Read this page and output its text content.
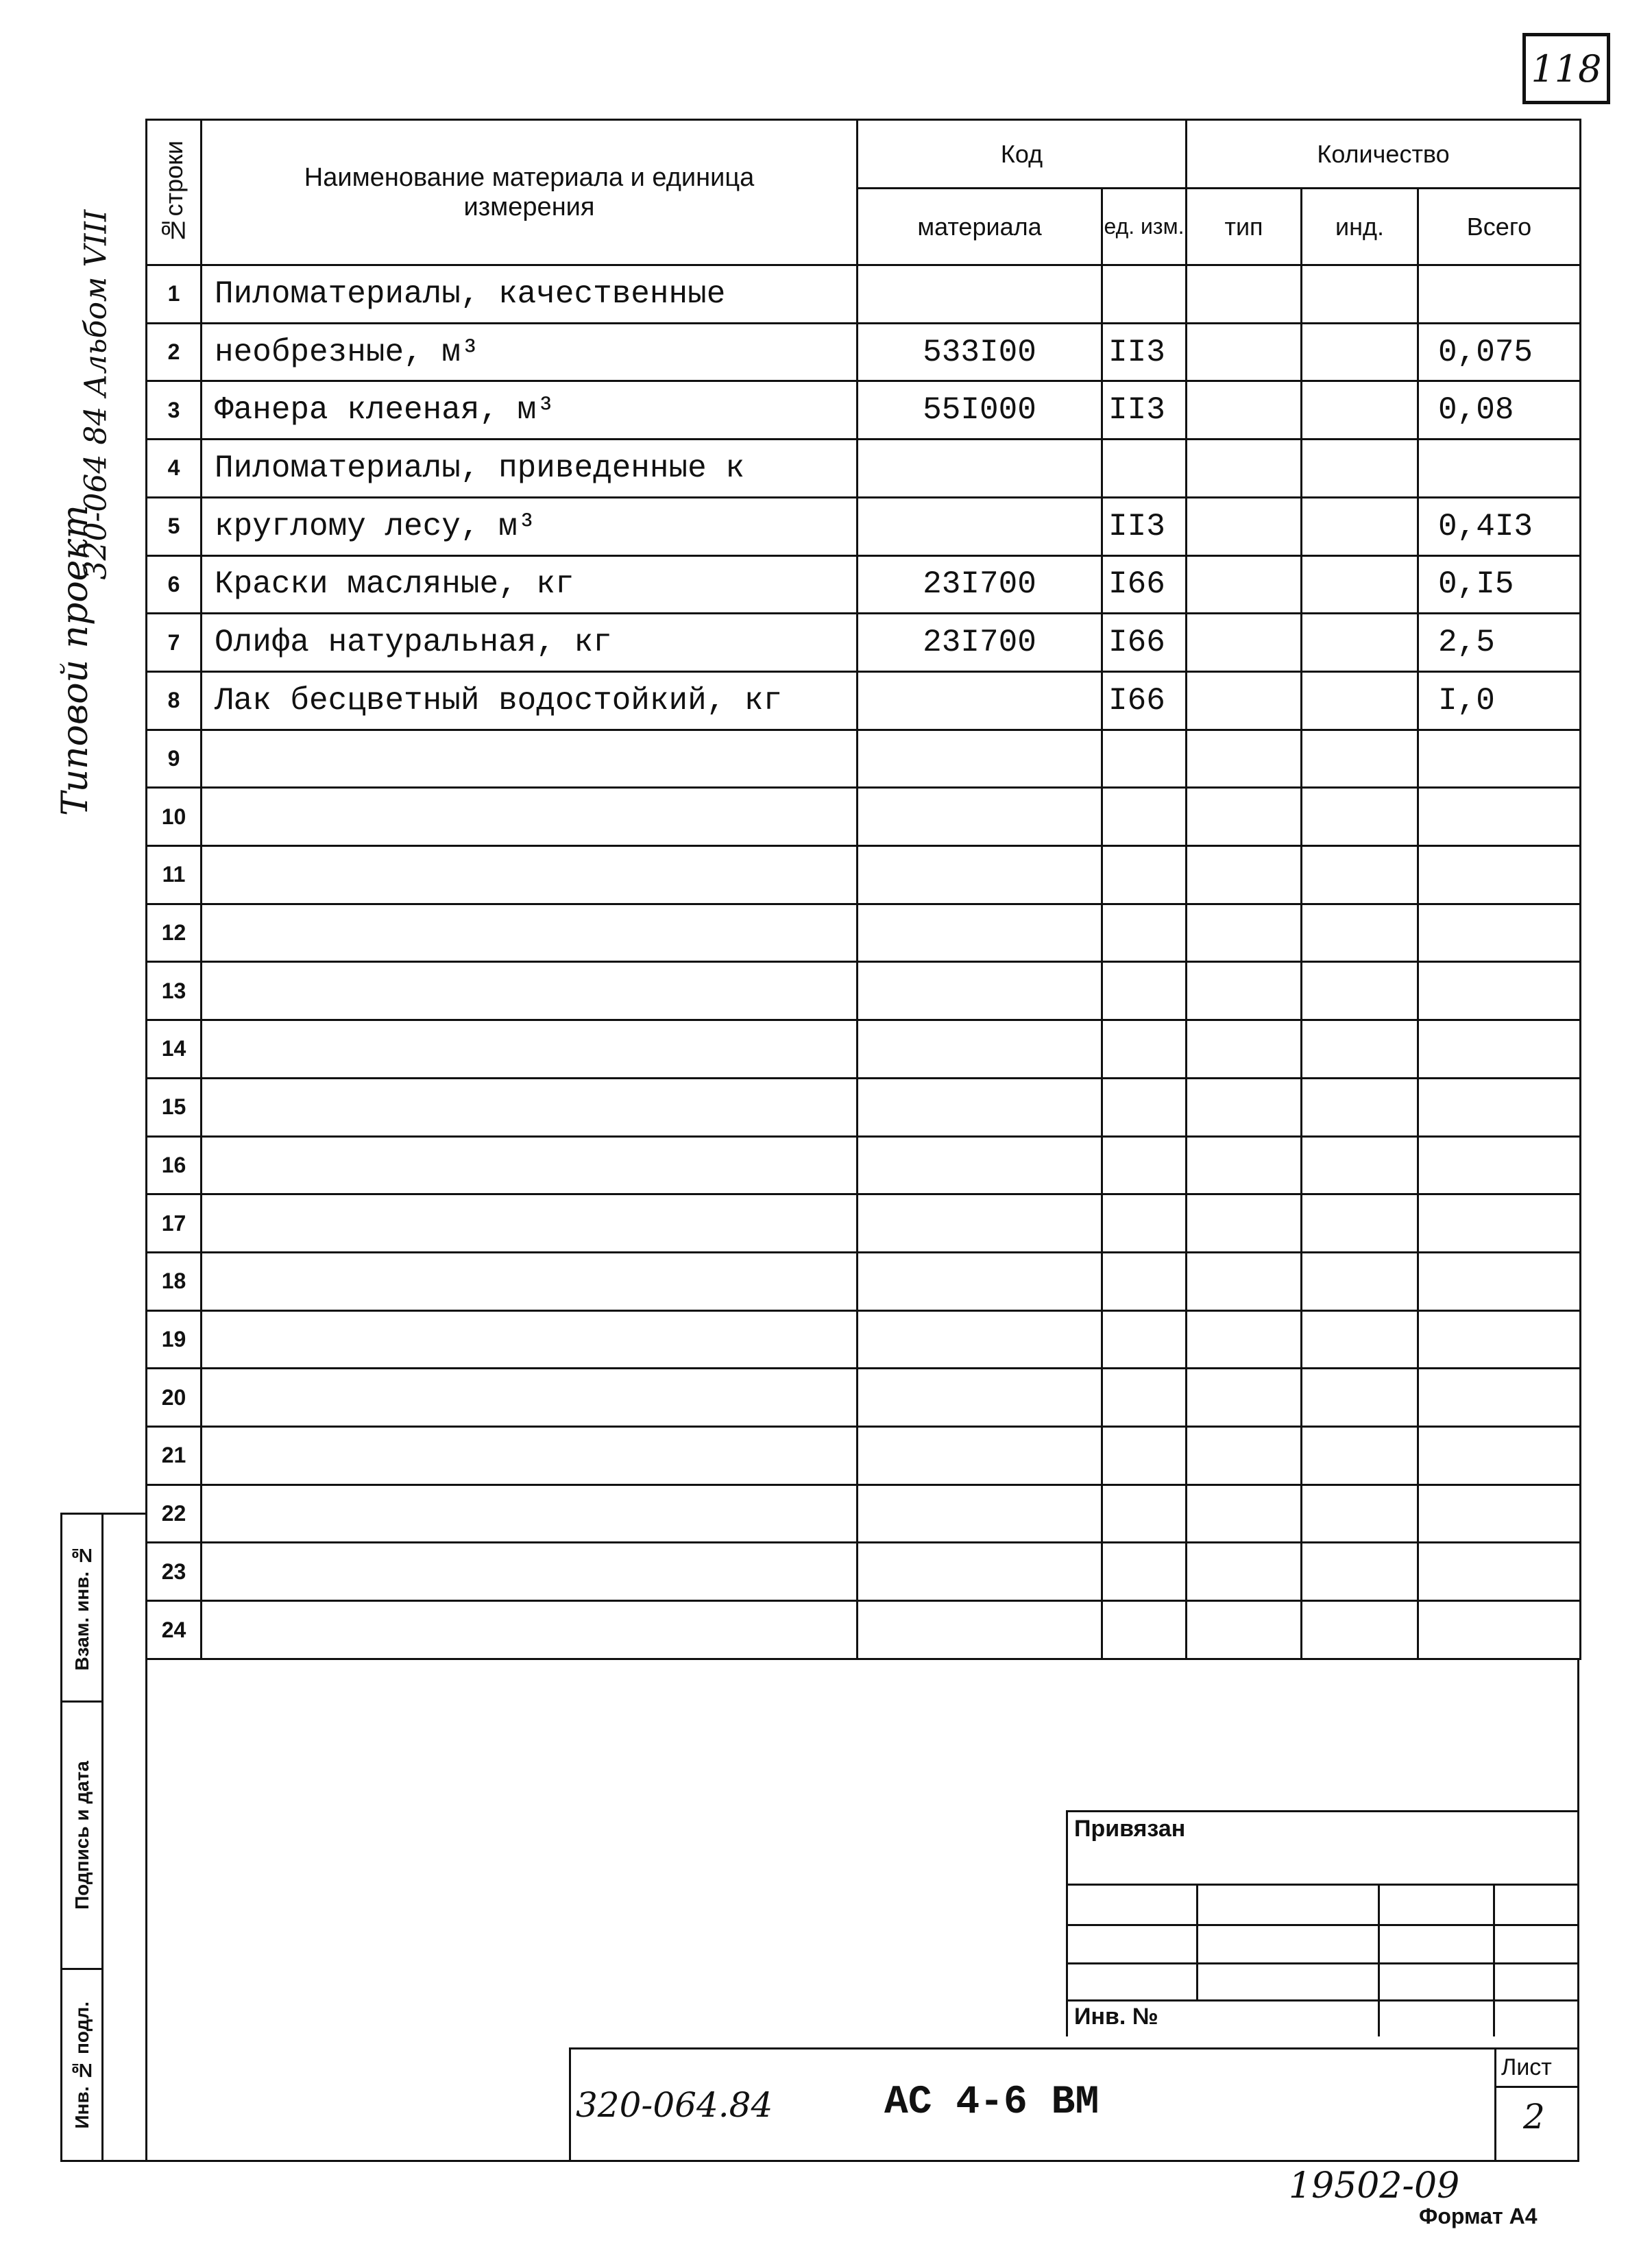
118
320-064 84 Альбом VIII
Типовой проект
№строки	Наименование материала и единица измерения	Код		Количество		
		материала	ед. изм.	тип	инд.	Всего
1	Пиломатериалы, качественные					
2	необрезные, м³	533I00	II3			0,075
3	Фанера клееная, м³	55I000	II3			0,08
4	Пиломатериалы, приведенные к					
5	круглому лесу, м³		II3			0,4I3
6	Краски масляные, кг	23I700	I66			0,I5
7	Олифа натуральная, кг	23I700	I66			2,5
8	Лак бесцветный водостойкий, кг		I66			I,0
9						
10						
11						
12						
13						
14						
15						
16						
17						
18						
19						
20						
21						
22						
23						
24						
Взам. инв. №
Подпись и дата
Инв. № подл.
Привязан
Инв. №
320-064.84	АС 4-6 ВМ
Лист
2
19502-09
Формат А4
